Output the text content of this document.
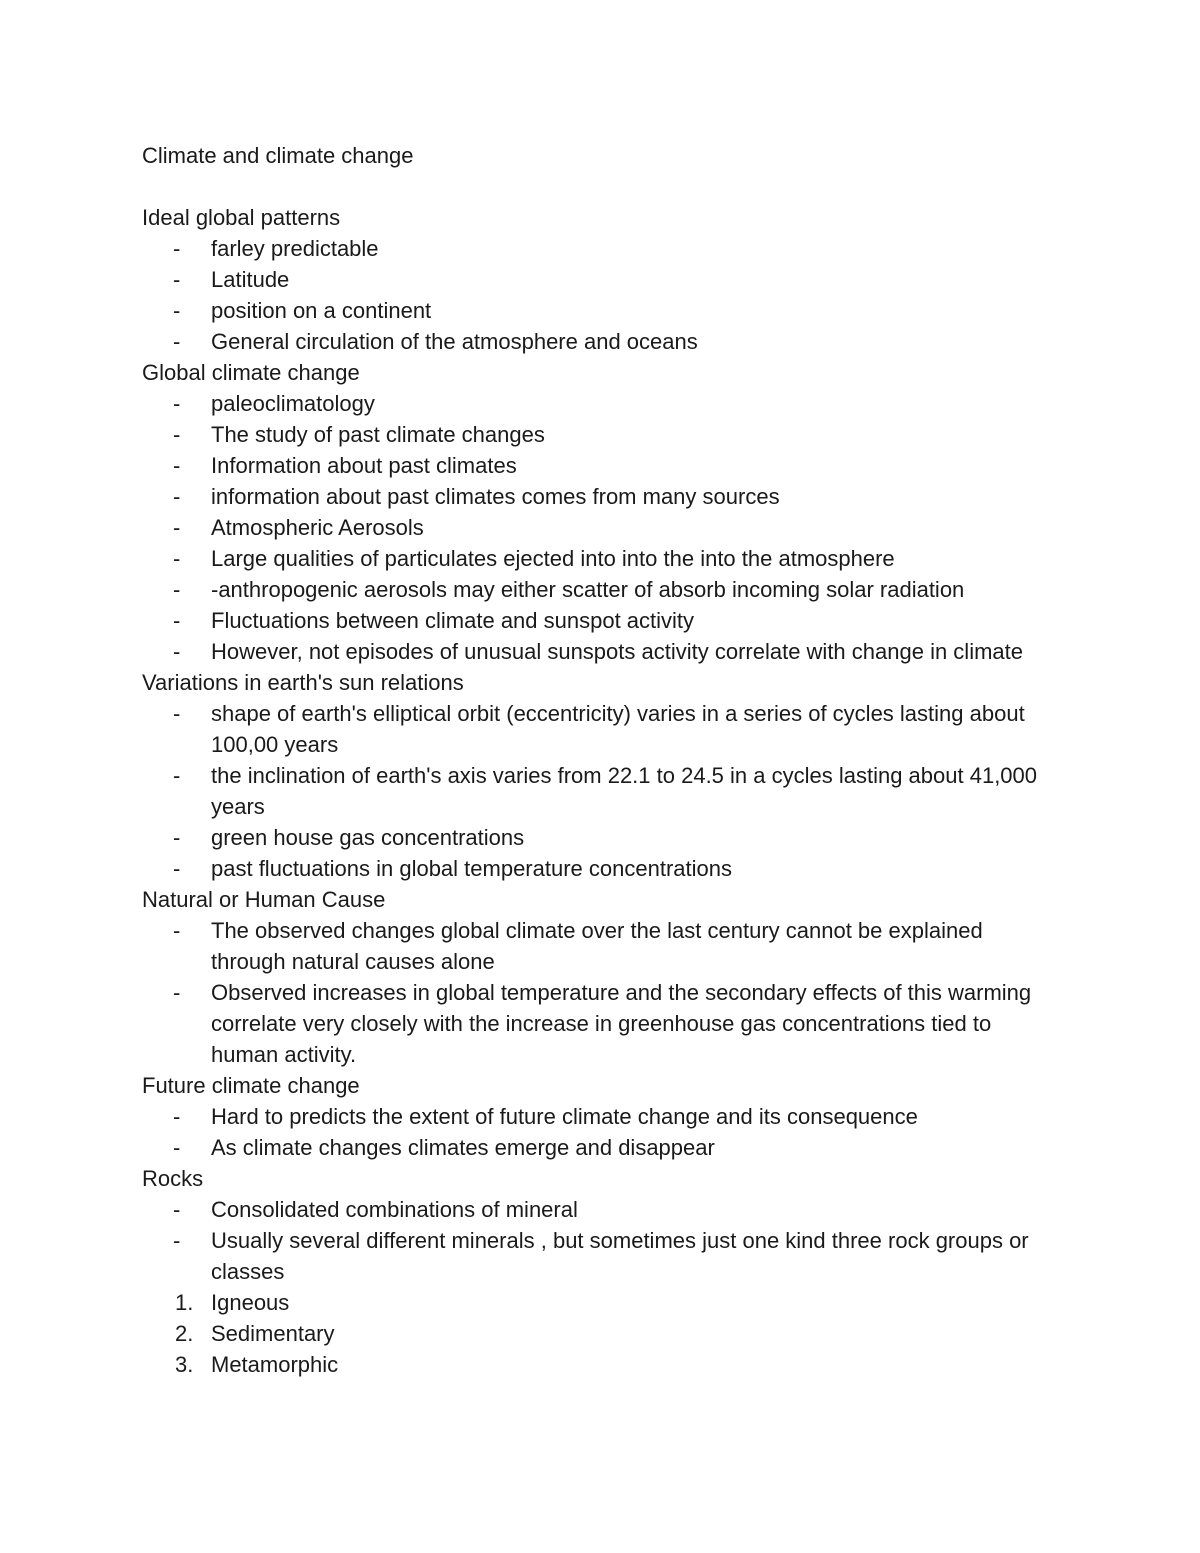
Climate and climate change
Ideal global patterns
- farley predictable
- Latitude
- position on a continent
- General circulation of the atmosphere and oceans
Global climate change
- paleoclimatology
- The study of past climate changes
- Information about past climates
- information about past climates comes from many sources
- Atmospheric Aerosols
- Large qualities of particulates ejected into into the into the atmosphere
- -anthropogenic aerosols may either scatter of absorb incoming solar radiation
- Fluctuations between climate and sunspot activity
- However, not episodes of unusual sunspots activity correlate with change in climate
Variations in earth's sun relations
- shape of earth's elliptical orbit (eccentricity) varies in a series of cycles lasting about 100,00 years
- the inclination of earth's axis varies from 22.1 to 24.5 in a cycles lasting about 41,000 years
- green house gas concentrations
- past fluctuations in global temperature concentrations
Natural or Human Cause
- The observed changes global climate over the last century cannot be explained through natural causes alone
- Observed increases in global temperature and the secondary effects of this warming correlate very closely with the increase in greenhouse gas concentrations tied to human activity.
Future climate change
- Hard to predicts the extent of future climate change and its consequence
- As climate changes climates emerge and disappear
Rocks
- Consolidated combinations of mineral
- Usually several different minerals , but sometimes just one kind three rock groups or classes
1. Igneous
2. Sedimentary
3. Metamorphic
